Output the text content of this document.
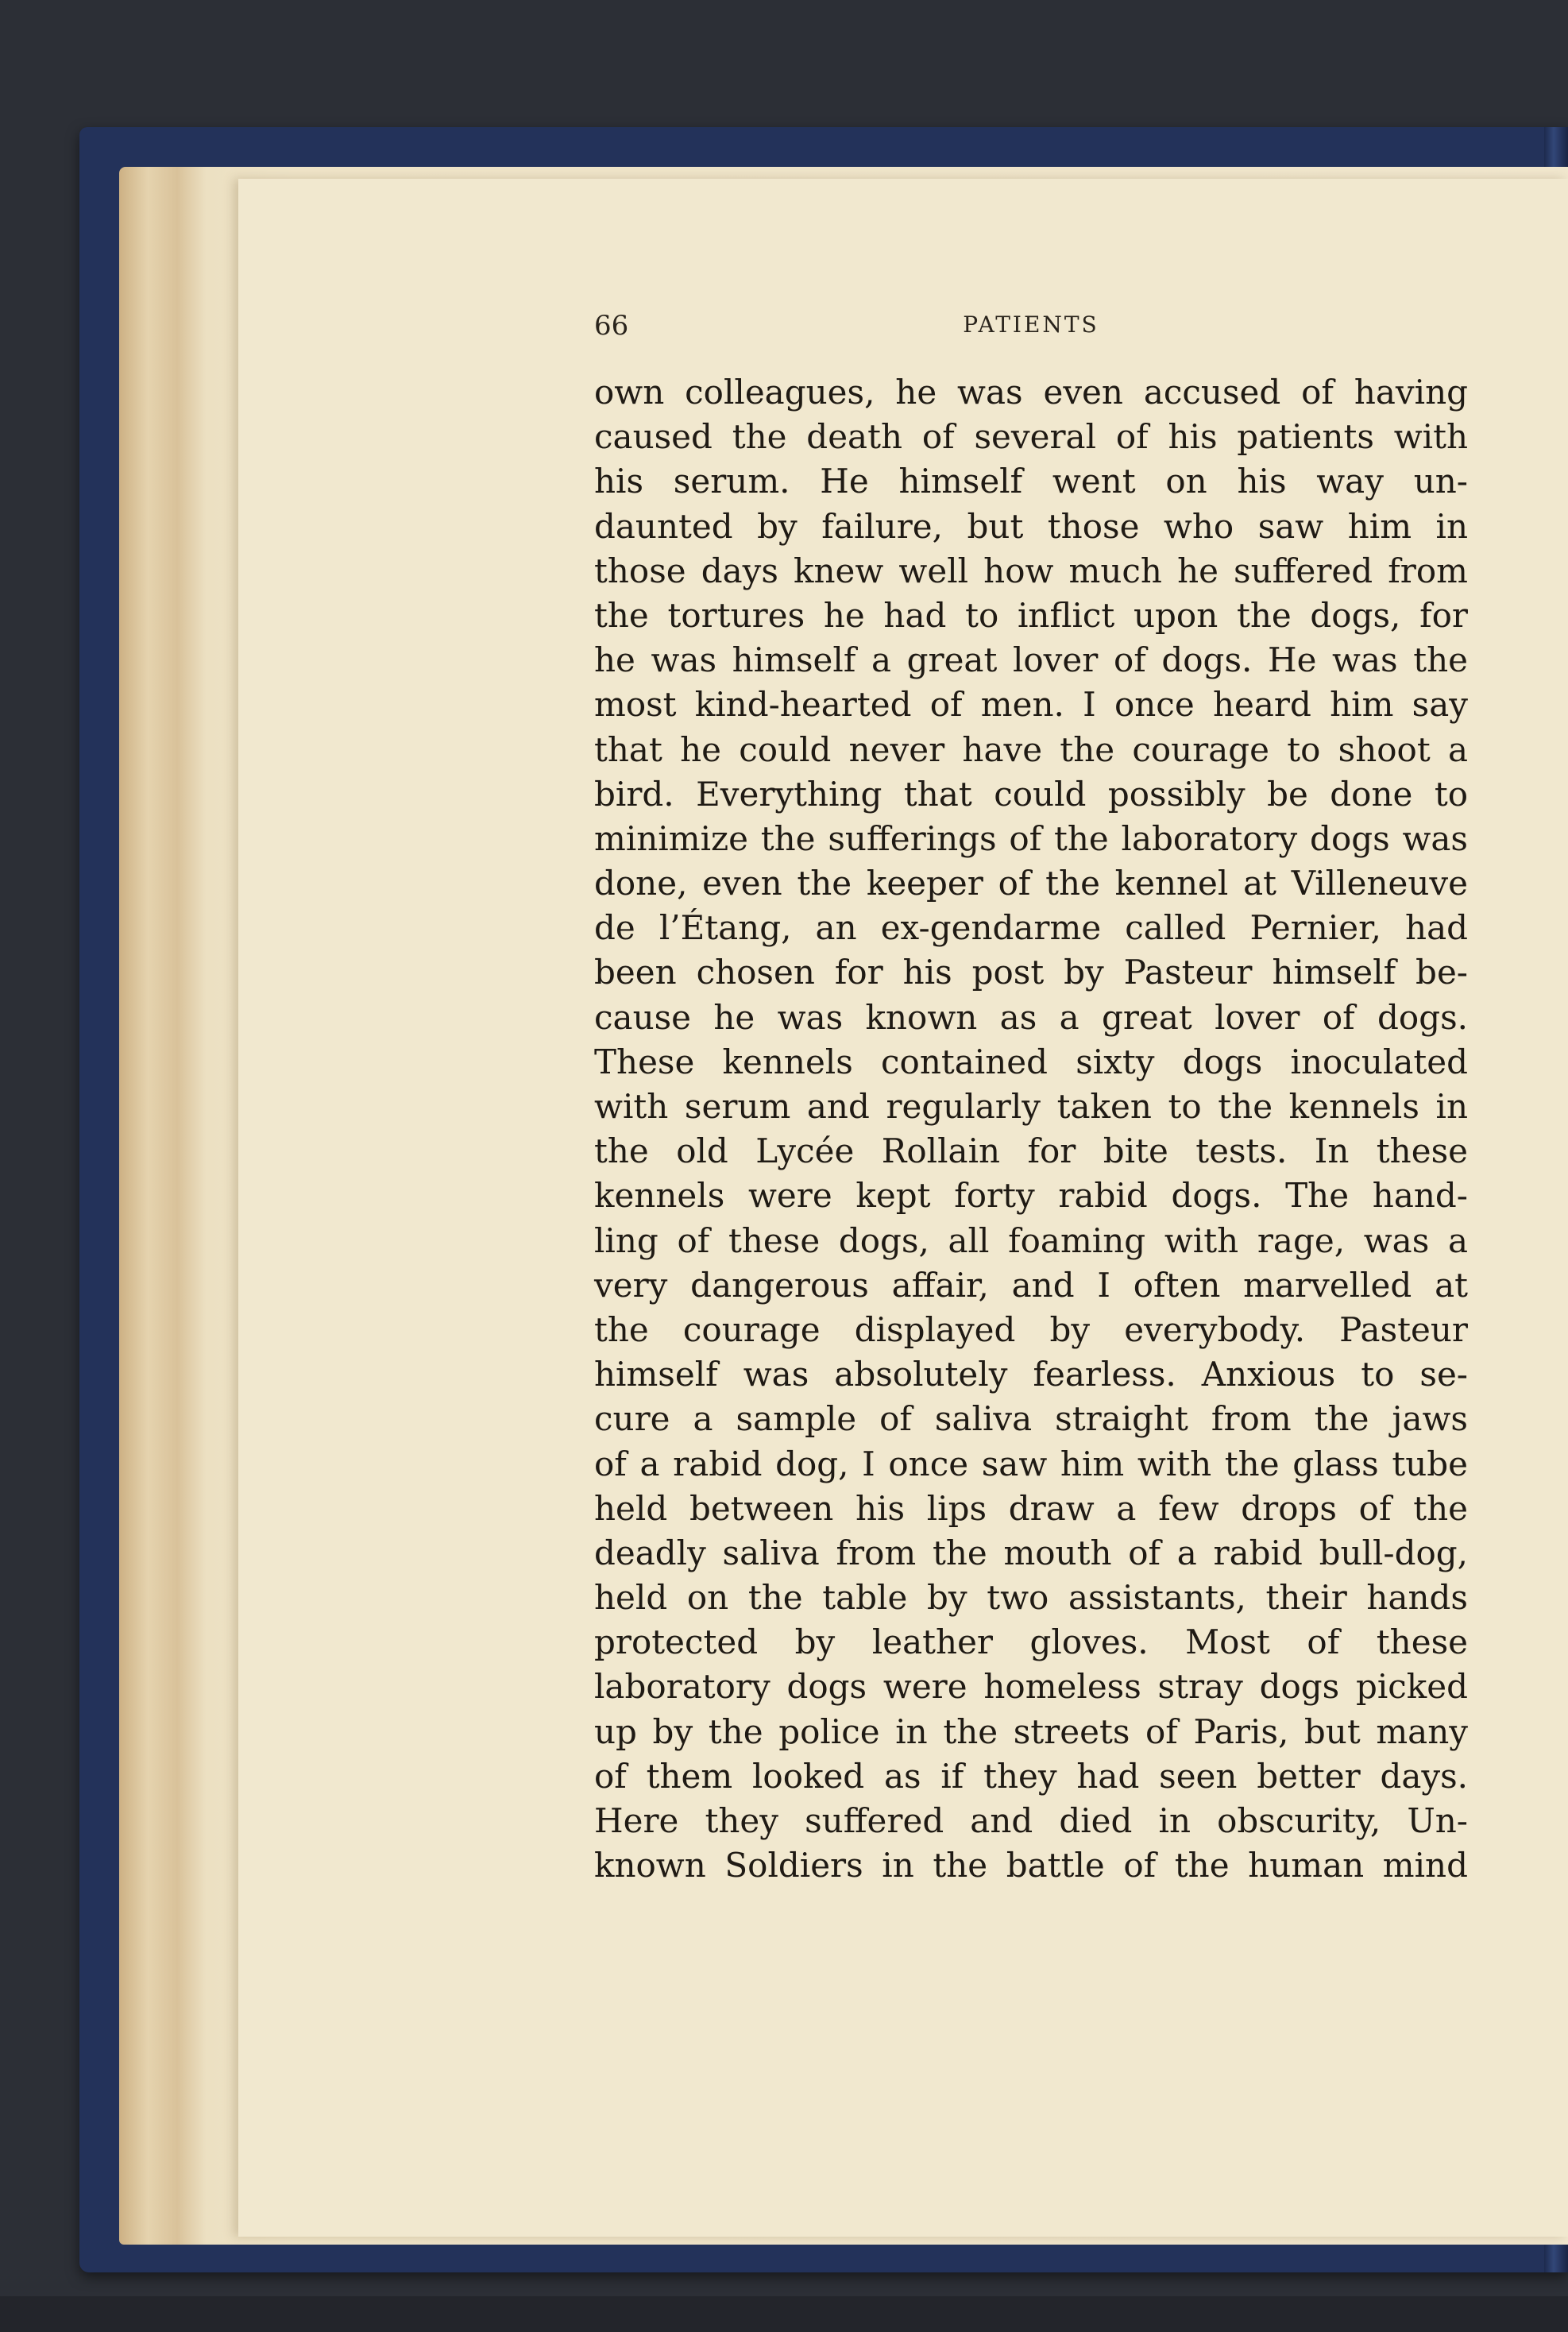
66	PATIENTS
own colleagues, he was even accused of having
caused the death of several of his patients with
his serum. He himself went on his way un-
daunted by failure, but those who saw him in
those days knew well how much he suffered from
the tortures he had to inflict upon the dogs, for
he was himself a great lover of dogs. He was the
most kind-hearted of men. I once heard him say
that he could never have the courage to shoot a
bird. Everything that could possibly be done to
minimize the sufferings of the laboratory dogs was
done, even the keeper of the kennel at Villeneuve
de l’Étang, an ex-gendarme called Pernier, had
been chosen for his post by Pasteur himself be-
cause he was known as a great lover of dogs.
These kennels contained sixty dogs inoculated
with serum and regularly taken to the kennels in
the old Lycée Rollain for bite tests. In these
kennels were kept forty rabid dogs. The hand-
ling of these dogs, all foaming with rage, was a
very dangerous affair, and I often marvelled at
the courage displayed by everybody. Pasteur
himself was absolutely fearless. Anxious to se-
cure a sample of saliva straight from the jaws
of a rabid dog, I once saw him with the glass tube
held between his lips draw a few drops of the
deadly saliva from the mouth of a rabid bull-dog,
held on the table by two assistants, their hands
protected by leather gloves. Most of these
laboratory dogs were homeless stray dogs picked
up by the police in the streets of Paris, but many
of them looked as if they had seen better days.
Here they suffered and died in obscurity, Un-
known Soldiers in the battle of the human mind
